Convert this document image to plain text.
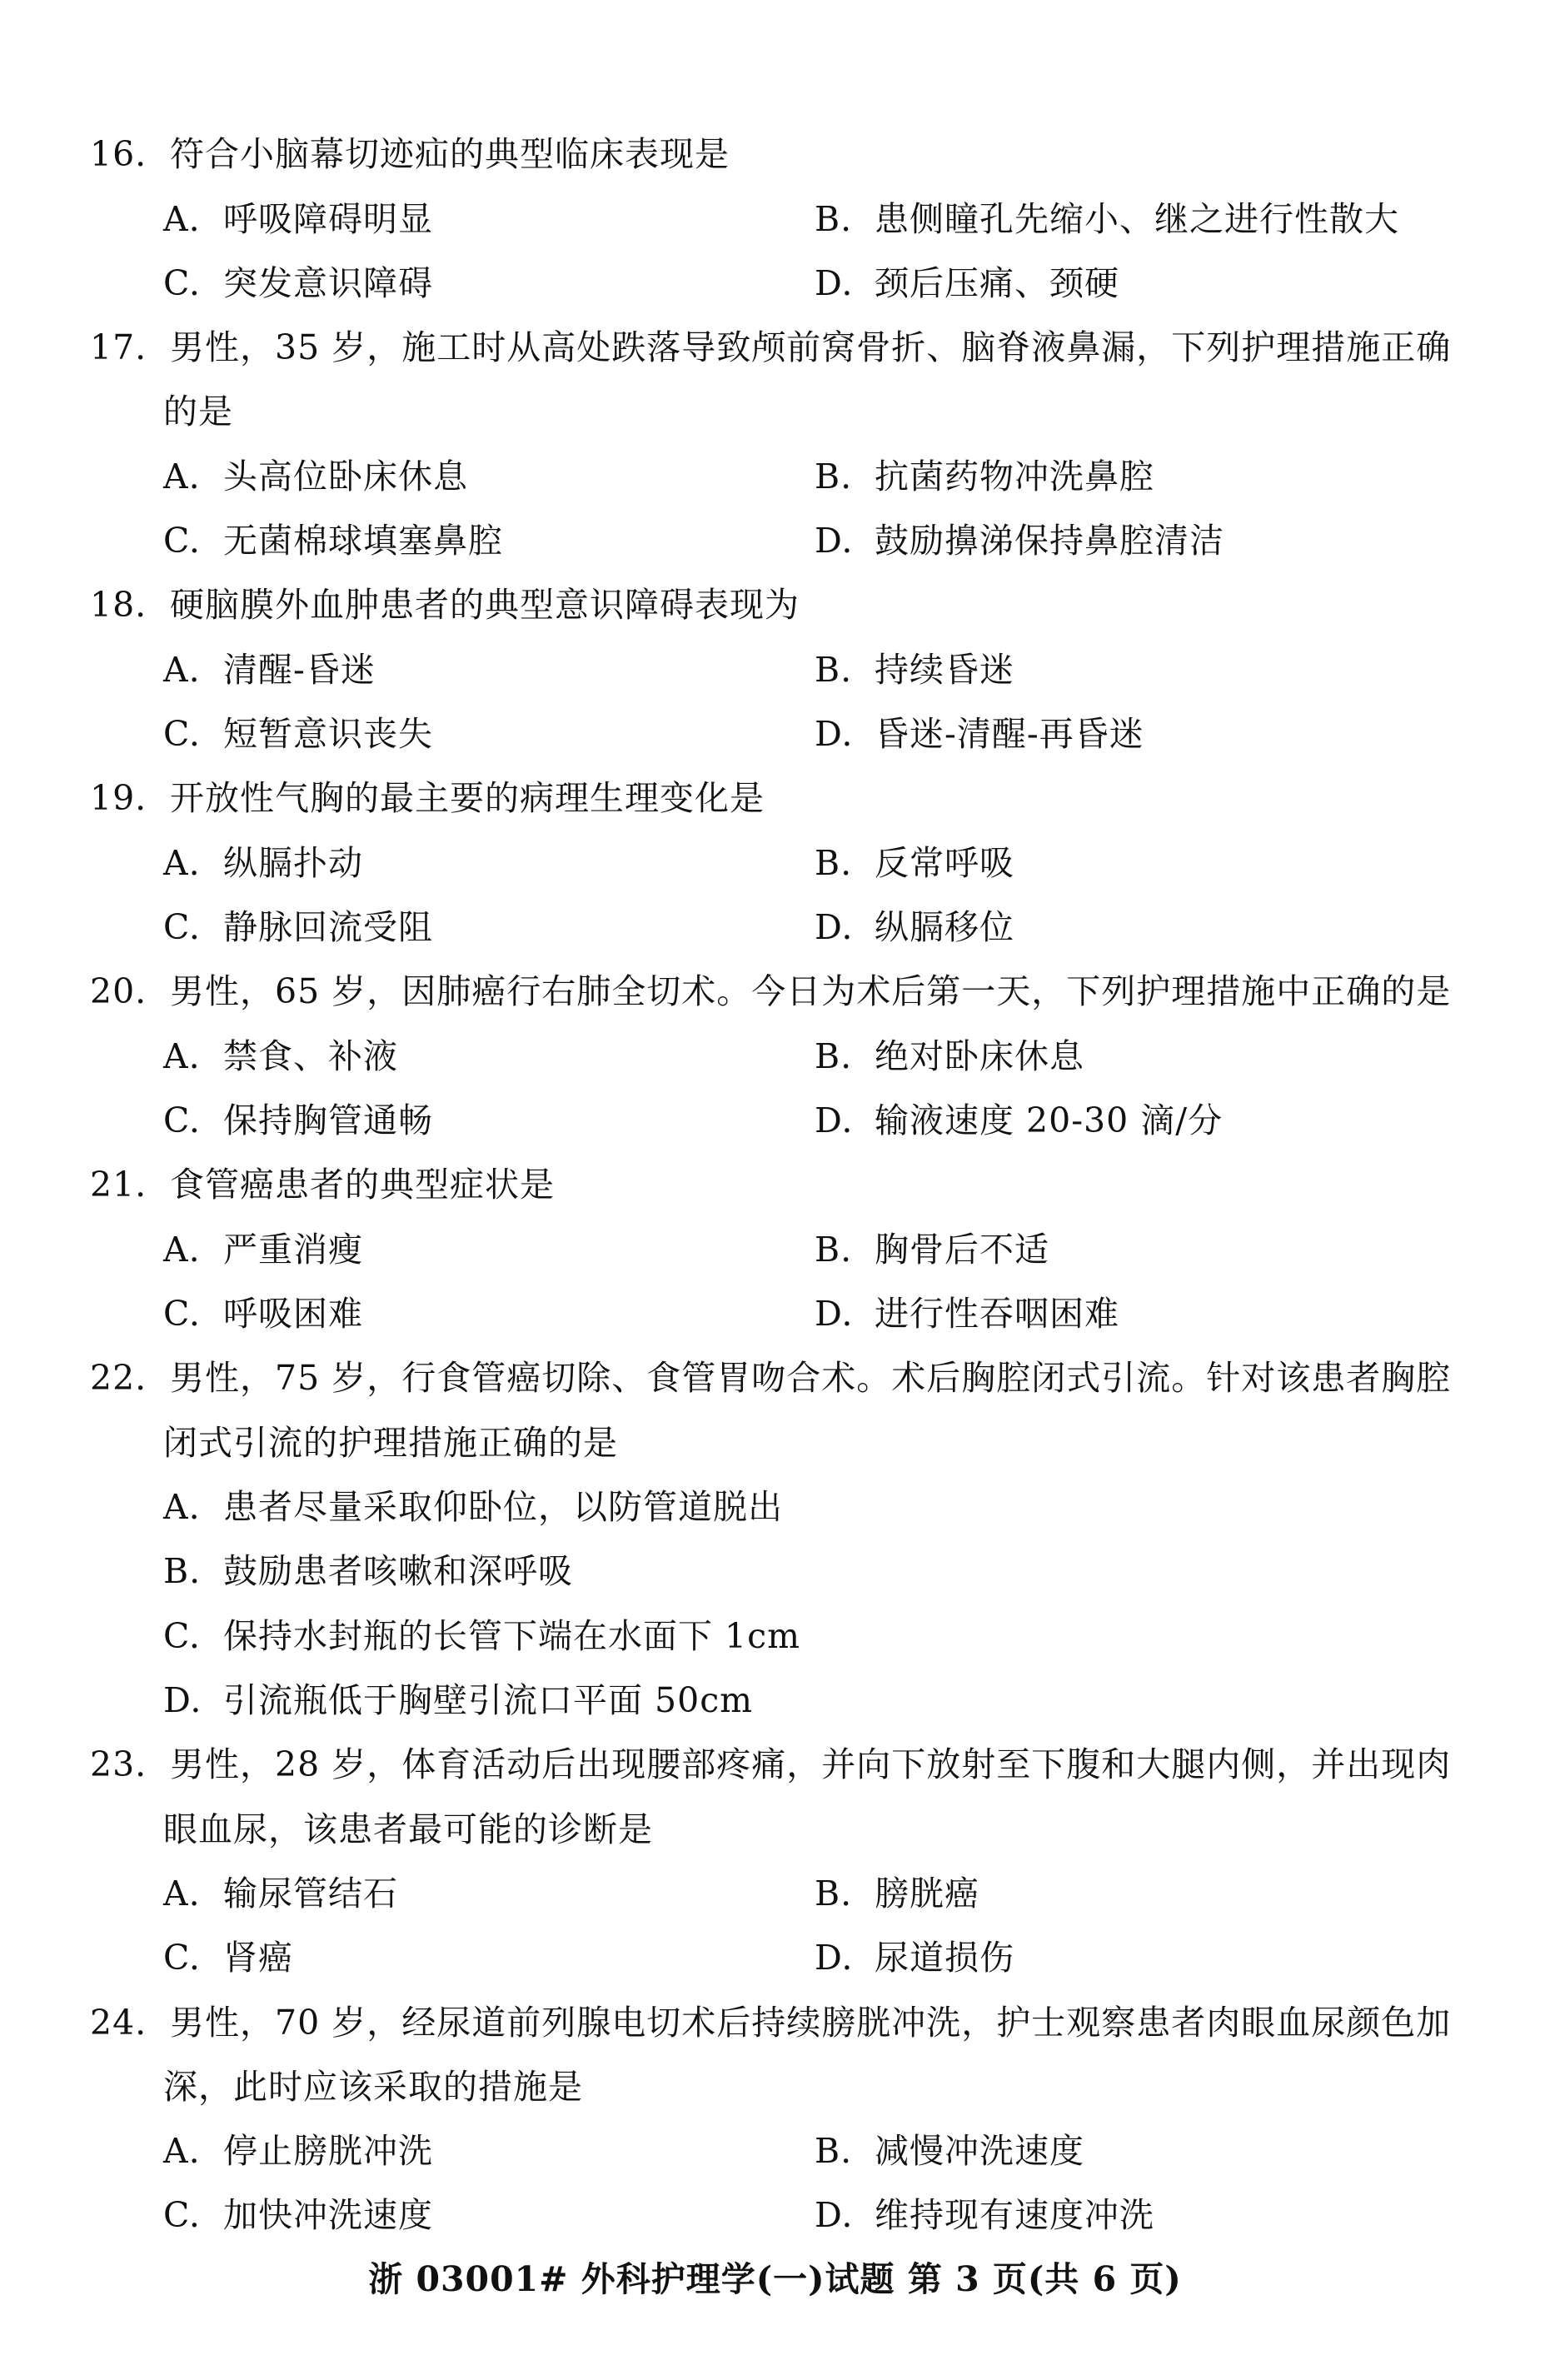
16. 符合小脑幕切迹疝的典型临床表现是
A. 呼吸障碍明显	B. 患侧瞳孔先缩小、继之进行性散大
C. 突发意识障碍	D. 颈后压痛、颈硬
17. 男性，35 岁，施工时从高处跌落导致颅前窝骨折、脑脊液鼻漏，下列护理措施正确
的是
A. 头高位卧床休息	B. 抗菌药物冲洗鼻腔
C. 无菌棉球填塞鼻腔	D. 鼓励擤涕保持鼻腔清洁
18. 硬脑膜外血肿患者的典型意识障碍表现为
A. 清醒-昏迷	B. 持续昏迷
C. 短暂意识丧失	D. 昏迷-清醒-再昏迷
19. 开放性气胸的最主要的病理生理变化是
A. 纵膈扑动	B. 反常呼吸
C. 静脉回流受阻	D. 纵膈移位
20. 男性，65 岁，因肺癌行右肺全切术。今日为术后第一天，下列护理措施中正确的是
A. 禁食、补液	B. 绝对卧床休息
C. 保持胸管通畅	D. 输液速度 20-30 滴/分
21. 食管癌患者的典型症状是
A. 严重消瘦	B. 胸骨后不适
C. 呼吸困难	D. 进行性吞咽困难
22. 男性，75 岁，行食管癌切除、食管胃吻合术。术后胸腔闭式引流。针对该患者胸腔
闭式引流的护理措施正确的是
A. 患者尽量采取仰卧位，以防管道脱出
B. 鼓励患者咳嗽和深呼吸
C. 保持水封瓶的长管下端在水面下 1cm
D. 引流瓶低于胸壁引流口平面 50cm
23. 男性，28 岁，体育活动后出现腰部疼痛，并向下放射至下腹和大腿内侧，并出现肉
眼血尿，该患者最可能的诊断是
A. 输尿管结石	B. 膀胱癌
C. 肾癌	D. 尿道损伤
24. 男性，70 岁，经尿道前列腺电切术后持续膀胱冲洗，护士观察患者肉眼血尿颜色加
深，此时应该采取的措施是
A. 停止膀胱冲洗	B. 减慢冲洗速度
C. 加快冲洗速度	D. 维持现有速度冲洗
浙 03001# 外科护理学(一)试题 第 3 页(共 6 页)
